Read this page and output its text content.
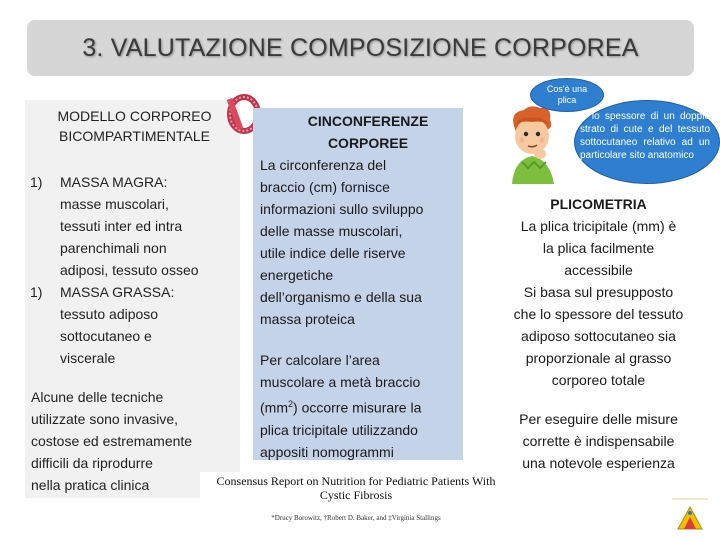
3. VALUTAZIONE COMPOSIZIONE CORPOREA
MODELLO CORPOREO
BICOMPARTIMENTALE
1)	MASSA MAGRA:
masse muscolari,
tessuti inter ed intra
parenchimali non
adiposi, tessuto osseo
1)	MASSA GRASSA:
tessuto adiposo
sottocutaneo e
viscerale
Alcune delle tecniche
utilizzate sono invasive,
costose ed estremamente
difficili da riprodurre
nella pratica clinica
CINCONFERENZE
CORPOREE
La circonferenza del
braccio (cm) fornisce
informazioni sullo sviluppo
delle masse muscolari,
utile indice delle riserve
energetiche
dell’organismo e della sua
massa proteica
Per calcolare l’area
muscolare a metà braccio
$(mm^2)$ occorre misurare la
plica tricipitale utilizzando
appositi nomogrammi
Cos'è una plica
È lo spessore di un doppio strato di cute e del tessuto sottocutaneo relativo ad un particolare sito anatomico
PLICOMETRIA
La plica tricipitale (mm) è
la plica facilmente
accessibile
Si basa sul presupposto
che lo spessore del tessuto
adiposo sottocutaneo sia
proporzionale al grasso
corporeo totale
Per eseguire delle misure
corrette è indispensabile
una notevole esperienza
Consensus Report on Nutrition for Pediatric Patients With
Cystic Fibrosis
*Drucy Borowitz, †Robert D. Baker, and ‡Virginia Stallings
